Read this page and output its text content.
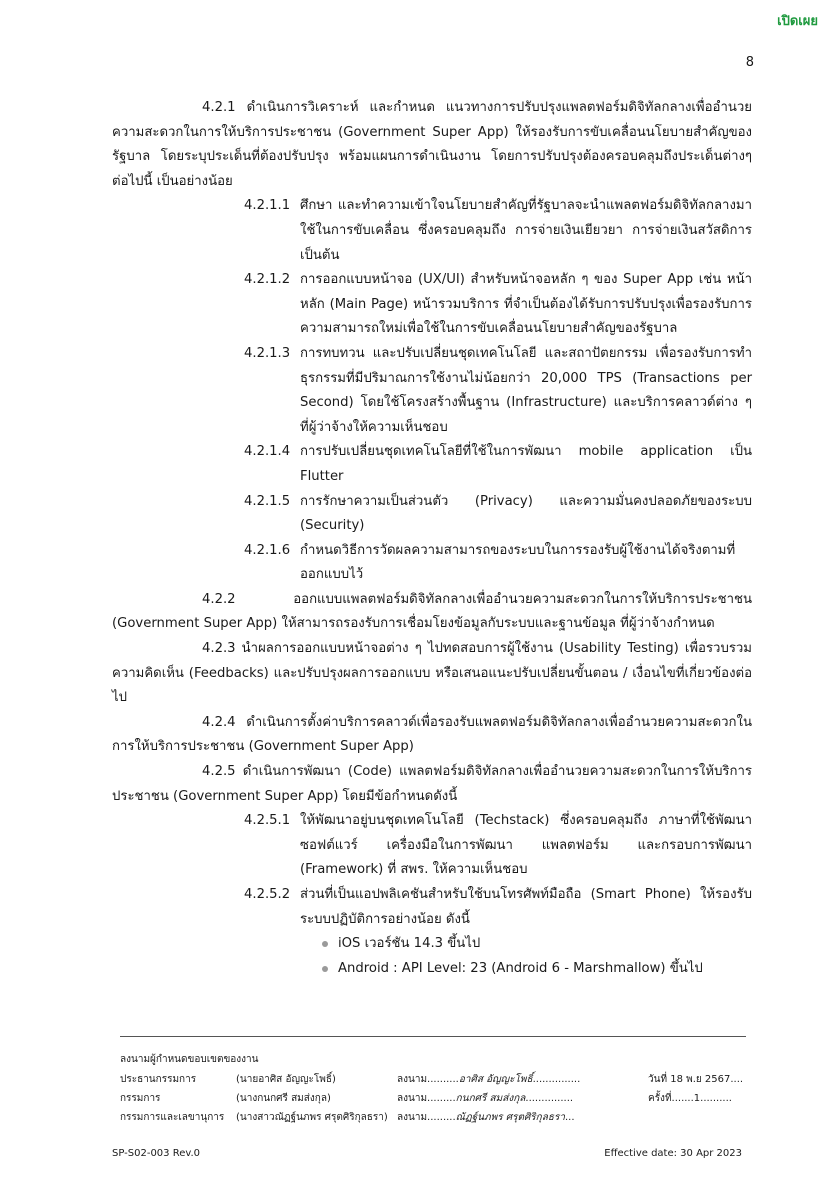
เปิดเผย
8

4.2.1 ดำเนินการวิเคราะห์ และกำหนด แนวทางการปรับปรุงแพลตฟอร์มดิจิทัลกลางเพื่ออำนวยความสะดวกในการให้บริการประชาชน (Government Super App) ให้รองรับการขับเคลื่อนนโยบายสำคัญของรัฐบาล โดยระบุประเด็นที่ต้องปรับปรุง พร้อมแผนการดำเนินงาน โดยการปรับปรุงต้องครอบคลุมถึงประเด็นต่างๆ ต่อไปนี้ เป็นอย่างน้อย

4.2.1.1 ศึกษา และทำความเข้าใจนโยบายสำคัญที่รัฐบาลจะนำแพลตฟอร์มดิจิทัลกลางมาใช้ในการขับเคลื่อน ซึ่งครอบคลุมถึง การจ่ายเงินเยียวยา การจ่ายเงินสวัสดิการ เป็นต้น

4.2.1.2 การออกแบบหน้าจอ (UX/UI) สำหรับหน้าจอหลัก ๆ ของ Super App เช่น หน้าหลัก (Main Page) หน้ารวมบริการ ที่จำเป็นต้องได้รับการปรับปรุงเพื่อรองรับการความสามารถใหม่เพื่อใช้ในการขับเคลื่อนนโยบายสำคัญของรัฐบาล

4.2.1.3 การทบทวน และปรับเปลี่ยนชุดเทคโนโลยี และสถาปัตยกรรม เพื่อรองรับการทำธุรกรรมที่มีปริมาณการใช้งานไม่น้อยกว่า 20,000 TPS (Transactions per Second) โดยใช้โครงสร้างพื้นฐาน (Infrastructure) และบริการคลาวด์ต่าง ๆ ที่ผู้ว่าจ้างให้ความเห็นชอบ

4.2.1.4 การปรับเปลี่ยนชุดเทคโนโลยีที่ใช้ในการพัฒนา mobile application เป็น Flutter

4.2.1.5 การรักษาความเป็นส่วนตัว (Privacy) และความมั่นคงปลอดภัยของระบบ (Security)

4.2.1.6 กำหนดวิธีการวัดผลความสามารถของระบบในการรองรับผู้ใช้งานได้จริงตามที่ออกแบบไว้

4.2.2 ออกแบบแพลตฟอร์มดิจิทัลกลางเพื่ออำนวยความสะดวกในการให้บริการประชาชน (Government Super App) ให้สามารถรองรับการเชื่อมโยงข้อมูลกับระบบและฐานข้อมูล ที่ผู้ว่าจ้างกำหนด

4.2.3 นำผลการออกแบบหน้าจอต่าง ๆ ไปทดสอบการผู้ใช้งาน (Usability Testing) เพื่อรวบรวมความคิดเห็น (Feedbacks) และปรับปรุงผลการออกแบบ หรือเสนอแนะปรับเปลี่ยนขั้นตอน / เงื่อนไขที่เกี่ยวข้องต่อไป

4.2.4 ดำเนินการตั้งค่าบริการคลาวด์เพื่อรองรับแพลตฟอร์มดิจิทัลกลางเพื่ออำนวยความสะดวกในการให้บริการประชาชน (Government Super App)

4.2.5 ดำเนินการพัฒนา (Code) แพลตฟอร์มดิจิทัลกลางเพื่ออำนวยความสะดวกในการให้บริการประชาชน (Government Super App) โดยมีข้อกำหนดดังนี้

4.2.5.1 ให้พัฒนาอยู่บนชุดเทคโนโลยี (Techstack) ซึ่งครอบคลุมถึง ภาษาที่ใช้พัฒนา ซอฟต์แวร์ เครื่องมือในการพัฒนา แพลตฟอร์ม และกรอบการพัฒนา (Framework) ที่ สพร. ให้ความเห็นชอบ

4.2.5.2 ส่วนที่เป็นแอปพลิเคชันสำหรับใช้บนโทรศัพท์มือถือ (Smart Phone) ให้รองรับระบบปฏิบัติการอย่างน้อย ดังนี้

iOS เวอร์ชัน 14.3 ขึ้นไป

Android : API Level: 23 (Android 6 - Marshmallow) ขึ้นไป

ลงนามผู้กำหนดขอบเขตของงาน
ประธานกรรมการ	(นายอาศิส อัญญะโพธิ์)	ลงนาม..........อาศิส อัญญะโพธิ์...............	วันที่ 18 พ.ย 2567....
กรรมการ	(นางกนกศรี สมส่งกุล)	ลงนาม.........กนกศรี สมส่งกุล...............	ครั้งที่.......1..........
กรรมการและเลขานุการ (นางสาวณัฏฐ์นภพร ศรุตศิริกุลธรา) ลงนาม.........ณัฏฐ์นภพร ศรุตศิริกุลธรา...
SP-S02-003 Rev.0	Effective date: 30 Apr 2023
